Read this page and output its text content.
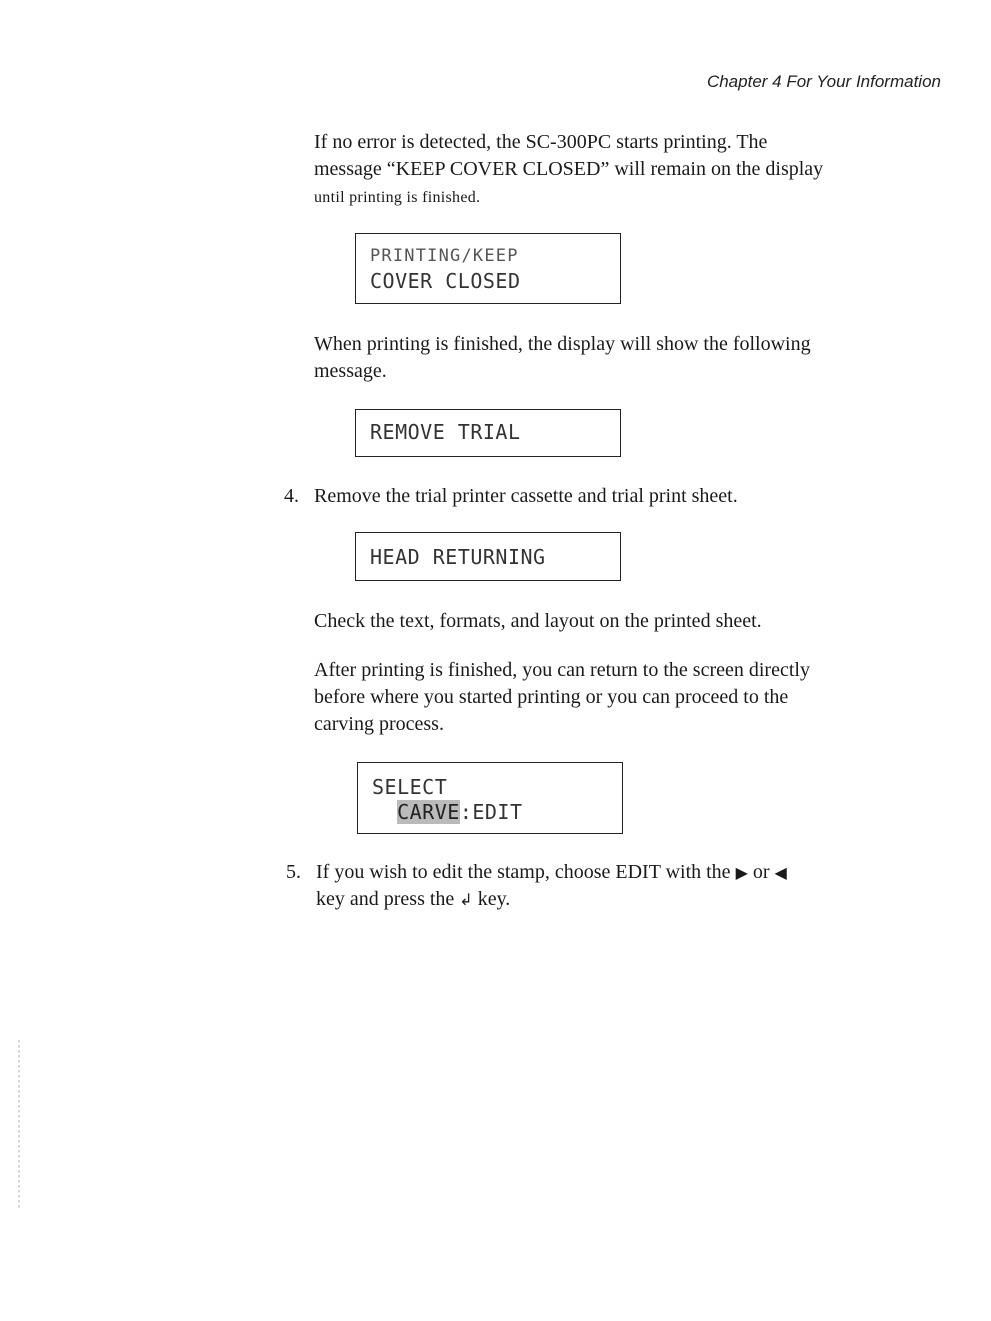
Chapter 4 For Your Information

If no error is detected, the SC-300PC starts printing. The
message “KEEP COVER CLOSED” will remain on the display
until printing is finished.

PRINTING/KEEP
COVER CLOSED

When printing is finished, the display will show the following
message.

REMOVE TRIAL

4. Remove the trial printer cassette and trial print sheet.

HEAD RETURNING

Check the text, formats, and layout on the printed sheet.

After printing is finished, you can return to the screen directly
before where you started printing or you can proceed to the
carving process.

SELECT
CARVE:EDIT

5. If you wish to edit the stamp, choose EDIT with the ▶ or ◀
key and press the ↲ key.
